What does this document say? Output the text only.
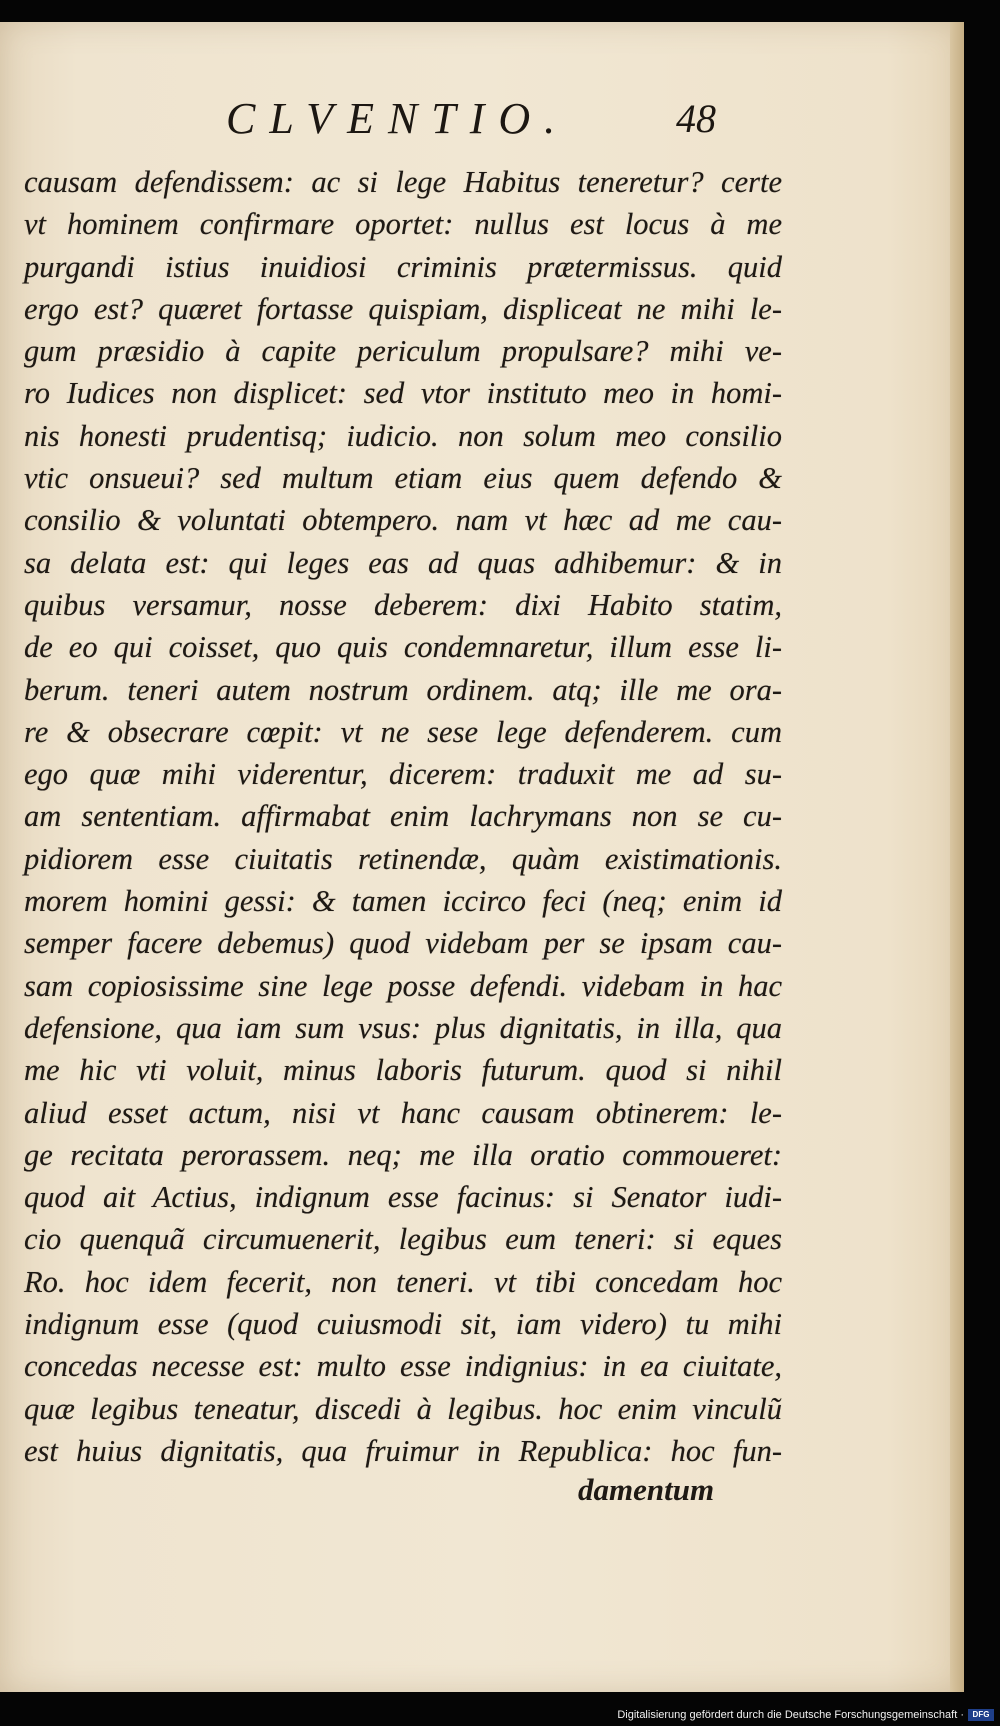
CLVENTIO.	48
causam defendissem: ac si lege Habitus teneretur? certe
vt hominem confirmare oportet: nullus est locus à me
purgandi istius inuidiosi criminis prætermissus. quid
ergo est? quæret fortasse quispiam, displiceat ne mihi le-
gum præsidio à capite periculum propulsare? mihi ve-
ro Iudices non displicet: sed vtor instituto meo in homi-
nis honesti prudentisq; iudicio. non solum meo consilio
vtic onsueui? sed multum etiam eius quem defendo &
consilio & voluntati obtempero. nam vt hæc ad me cau-
sa delata est: qui leges eas ad quas adhibemur: & in
quibus versamur, nosse deberem: dixi Habito statim,
de eo qui coisset, quo quis condemnaretur, illum esse li-
berum. teneri autem nostrum ordinem. atq; ille me ora-
re & obsecrare cœpit: vt ne sese lege defenderem. cum
ego quæ mihi viderentur, dicerem: traduxit me ad su-
am sententiam. affirmabat enim lachrymans non se cu-
pidiorem esse ciuitatis retinendæ, quàm existimationis.
morem homini gessi: & tamen iccirco feci (neq; enim id
semper facere debemus) quod videbam per se ipsam cau-
sam copiosissime sine lege posse defendi. videbam in hac
defensione, qua iam sum vsus: plus dignitatis, in illa, qua
me hic vti voluit, minus laboris futurum. quod si nihil
aliud esset actum, nisi vt hanc causam obtinerem: le-
ge recitata perorassem. neq; me illa oratio commoueret:
quod ait Actius, indignum esse facinus: si Senator iudi-
cio quenquã circumuenerit, legibus eum teneri: si eques
Ro. hoc idem fecerit, non teneri. vt tibi concedam hoc
indignum esse (quod cuiusmodi sit, iam videro) tu mihi
concedas necesse est: multo esse indignius: in ea ciuitate,
quæ legibus teneatur, discedi à legibus. hoc enim vinculũ
est huius dignitatis, qua fruimur in Republica: hoc fun-
damentum
Digitalisierung gefördert durch die Deutsche Forschungsgemeinschaft ·	DFG
